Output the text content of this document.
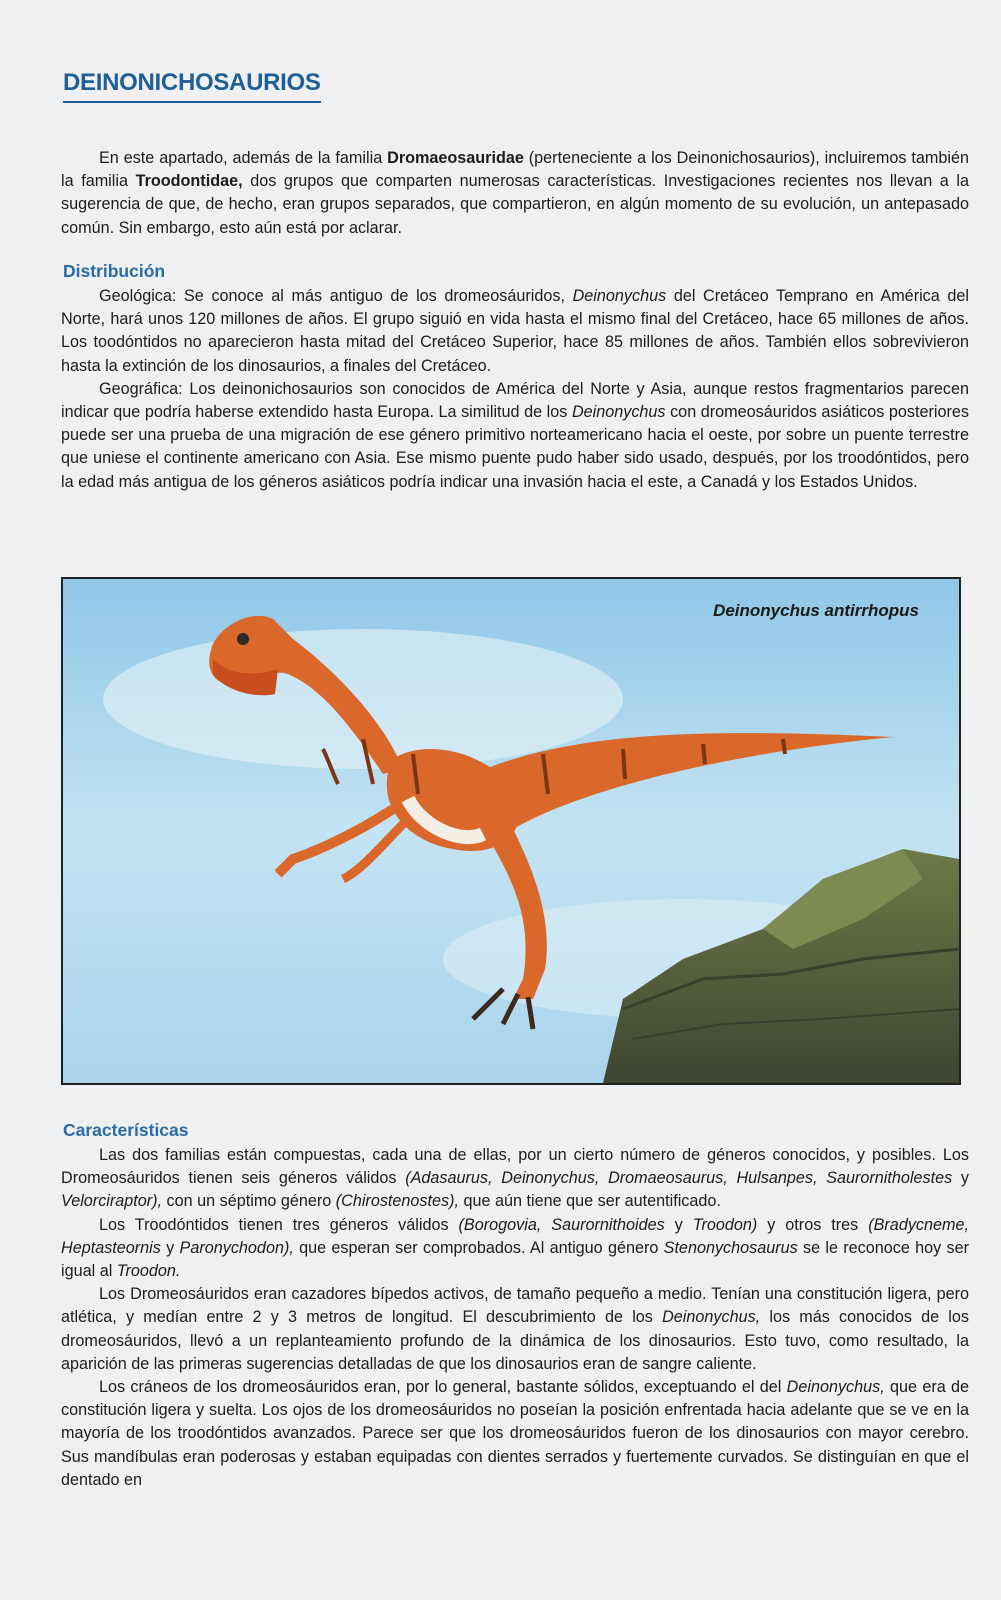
DEINONICHOSAURIOS

En este apartado, además de la familia Dromaeosauridae (perteneciente a los Deinonichosaurios), incluiremos también la familia Troodontidae, dos grupos que comparten numerosas características. Investigaciones recientes nos llevan a la sugerencia de que, de hecho, eran grupos separados, que compartieron, en algún momento de su evolución, un antepasado común. Sin embargo, esto aún está por aclarar.

Distribución

Geológica: Se conoce al más antiguo de los dromeosáuridos, Deinonychus del Cretáceo Temprano en América del Norte, hará unos 120 millones de años. El grupo siguió en vida hasta el mismo final del Cretáceo, hace 65 millones de años. Los toodóntidos no aparecieron hasta mitad del Cretáceo Superior, hace 85 millones de años. También ellos sobrevivieron hasta la extinción de los dinosaurios, a finales del Cretáceo.

Geográfica: Los deinonichosaurios son conocidos de América del Norte y Asia, aunque restos fragmentarios parecen indicar que podría haberse extendido hasta Europa. La similitud de los Deinonychus con dromeosáuridos asiáticos posteriores puede ser una prueba de una migración de ese género primitivo norteamericano hacia el oeste, por sobre un puente terrestre que uniese el continente americano con Asia. Ese mismo puente pudo haber sido usado, después, por los troodóntidos, pero la edad más antigua de los géneros asiáticos podría indicar una invasión hacia el este, a Canadá y los Estados Unidos.

Deinonychus antirrhopus
Características

Las dos familias están compuestas, cada una de ellas, por un cierto número de géneros conocidos, y posibles. Los Dromeosáuridos tienen seis géneros válidos (Adasaurus, Deinonychus, Dromaeosaurus, Hulsanpes, Saurornitholestes y Velorciraptor), con un séptimo género (Chirostenostes), que aún tiene que ser autentificado.

Los Troodóntidos tienen tres géneros válidos (Borogovia, Saurornithoides y Troodon) y otros tres (Bradycneme, Heptasteornis y Paronychodon), que esperan ser comprobados. Al antiguo género Stenonychosaurus se le reconoce hoy ser igual al Troodon.

Los Dromeosáuridos eran cazadores bípedos activos, de tamaño pequeño a medio. Tenían una constitución ligera, pero atlética, y medían entre 2 y 3 metros de longitud. El descubrimiento de los Deinonychus, los más conocidos de los dromeosáuridos, llevó a un replanteamiento profundo de la dinámica de los dinosaurios. Esto tuvo, como resultado, la aparición de las primeras sugerencias detalladas de que los dinosaurios eran de sangre caliente.

Los cráneos de los dromeosáuridos eran, por lo general, bastante sólidos, exceptuando el del Deinonychus, que era de constitución ligera y suelta. Los ojos de los dromeosáuridos no poseían la posición enfrentada hacia adelante que se ve en la mayoría de los troodóntidos avanzados. Parece ser que los dromeosáuridos fueron de los dinosaurios con mayor cerebro. Sus mandíbulas eran poderosas y estaban equipadas con dientes serrados y fuertemente curvados. Se distinguían en que el dentado en
